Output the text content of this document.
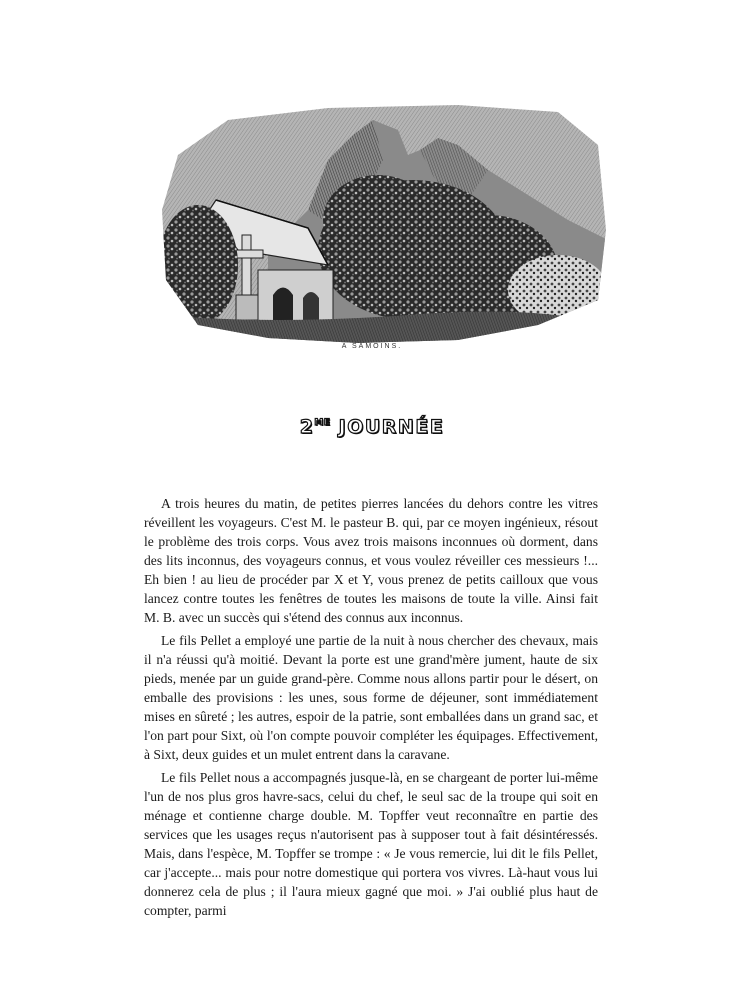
A SAMOINS.
$2^{ME}$ JOURNÉE

A trois heures du matin, de petites pierres lancées du dehors contre les vitres réveillent les voyageurs. C'est M. le pasteur B. qui, par ce moyen ingénieux, résout le problème des trois corps. Vous avez trois maisons inconnues où dorment, dans des lits inconnus, des voyageurs connus, et vous voulez réveiller ces messieurs !... Eh bien ! au lieu de procéder par X et Y, vous prenez de petits cailloux que vous lancez contre toutes les fenêtres de toutes les maisons de toute la ville. Ainsi fait M. B. avec un succès qui s'étend des connus aux inconnus.

Le fils Pellet a employé une partie de la nuit à nous chercher des chevaux, mais il n'a réussi qu'à moitié. Devant la porte est une grand'mère jument, haute de six pieds, menée par un guide grand-père. Comme nous allons partir pour le désert, on emballe des provisions : les unes, sous forme de déjeuner, sont immédiatement mises en sûreté ; les autres, espoir de la patrie, sont emballées dans un grand sac, et l'on part pour Sixt, où l'on compte pouvoir compléter les équipages. Effectivement, à Sixt, deux guides et un mulet entrent dans la caravane.

Le fils Pellet nous a accompagnés jusque-là, en se chargeant de porter lui-même l'un de nos plus gros havre-sacs, celui du chef, le seul sac de la troupe qui soit en ménage et contienne charge double. M. Topffer veut reconnaître en partie des services que les usages reçus n'autorisent pas à supposer tout à fait désintéressés. Mais, dans l'espèce, M. Topffer se trompe : « Je vous remercie, lui dit le fils Pellet, car j'accepte... mais pour notre domestique qui portera vos vivres. Là-haut vous lui donnerez cela de plus ; il l'aura mieux gagné que moi. » J'ai oublié plus haut de compter, parmi
